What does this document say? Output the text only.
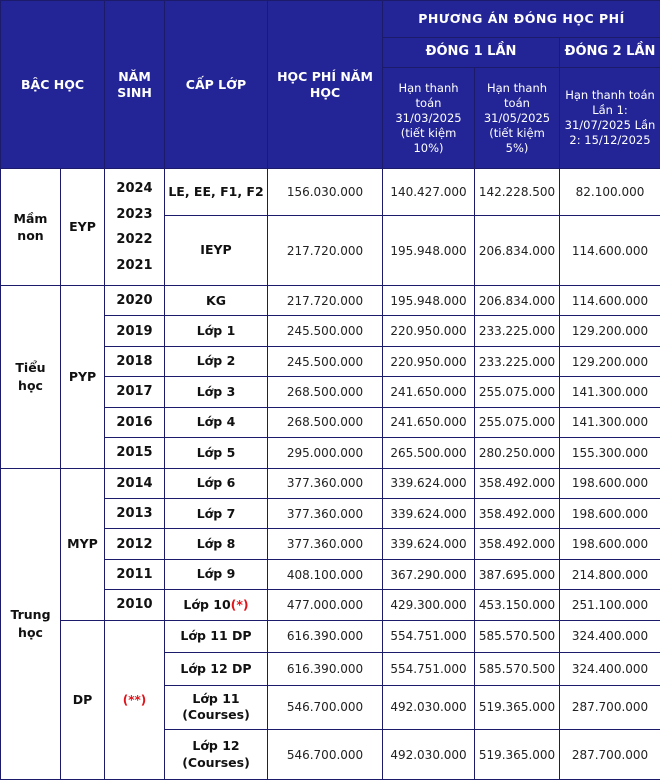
BẬC HỌC		NĂM SINH	CẤP LỚP	HỌC PHÍ NĂM HỌC	PHƯƠNG ÁN ĐÓNG HỌC PHÍ		
					ĐÓNG 1 LẦN		ĐÓNG 2 LẦN
					Hạn thanh toán 31/03/2025 (tiết kiệm 10%)	Hạn thanh toán 31/05/2025 (tiết kiệm 5%)	Hạn thanh toán Lần 1: 31/07/2025 Lần 2: 15/12/2025
Mầm non	EYP	2024 2023 2022 2021	LE, EE, F1, F2	156.030.000	140.427.000	142.228.500	82.100.000
			IEYP	217.720.000	195.948.000	206.834.000	114.600.000
Tiểu học	PYP	2020	KG	217.720.000	195.948.000	206.834.000	114.600.000
		2019	Lớp 1	245.500.000	220.950.000	233.225.000	129.200.000
		2018	Lớp 2	245.500.000	220.950.000	233.225.000	129.200.000
		2017	Lớp 3	268.500.000	241.650.000	255.075.000	141.300.000
		2016	Lớp 4	268.500.000	241.650.000	255.075.000	141.300.000
		2015	Lớp 5	295.000.000	265.500.000	280.250.000	155.300.000
Trung học	MYP	2014	Lớp 6	377.360.000	339.624.000	358.492.000	198.600.000
		2013	Lớp 7	377.360.000	339.624.000	358.492.000	198.600.000
		2012	Lớp 8	377.360.000	339.624.000	358.492.000	198.600.000
		2011	Lớp 9	408.100.000	367.290.000	387.695.000	214.800.000
		2010	Lớp 10(*)	477.000.000	429.300.000	453.150.000	251.100.000
	DP	(**)	Lớp 11 DP	616.390.000	554.751.000	585.570.500	324.400.000
			Lớp 12 DP	616.390.000	554.751.000	585.570.500	324.400.000
			Lớp 11 (Courses)	546.700.000	492.030.000	519.365.000	287.700.000
			Lớp 12 (Courses)	546.700.000	492.030.000	519.365.000	287.700.000
